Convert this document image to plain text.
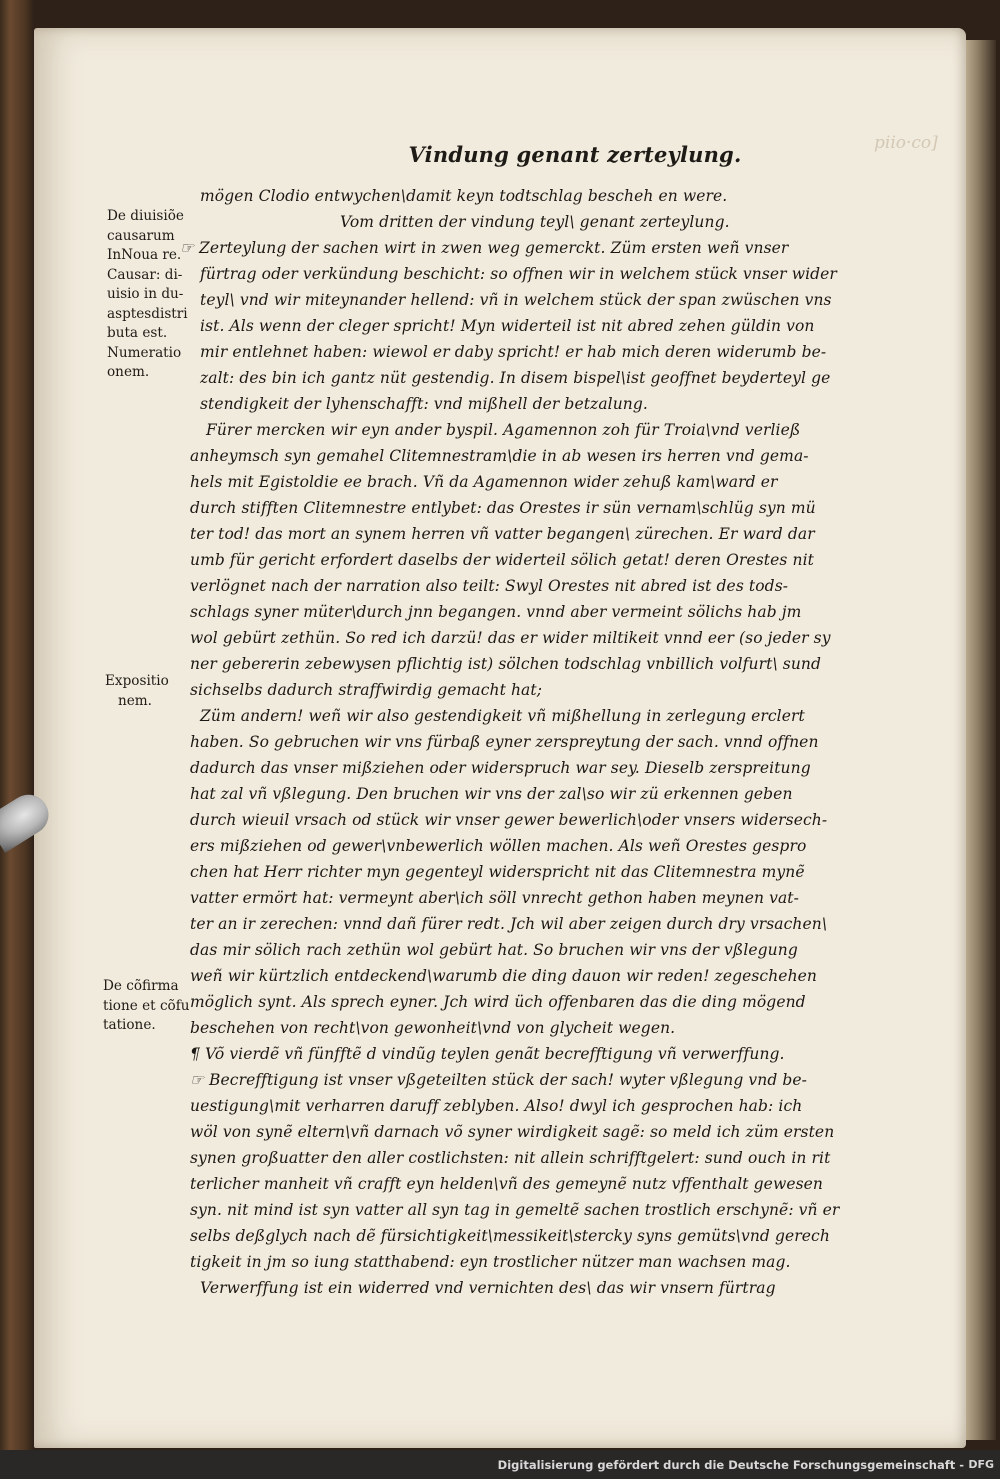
piio·co]
Vindung genant zerteylung.
De diuisiõe
causarum
InNoua re.
Causar: di-
uisio in du-
asptesdistri
buta est.
Numeratio
onem.
Expositio
nem.
De cõfirma
tione et cõfu
tatione.
mögen Clodio entwychen\damit keyn todtschlag bescheh en were.
Vom dritten der vindung teyl\ genant zerteylung.
☞ Zerteylung der sachen wirt in zwen weg gemerckt. Züm ersten weñ vnser
fürtrag oder verkündung beschicht: so offnen wir in welchem stück vnser wider
teyl\ vnd wir miteynander hellend: vñ in welchem stück der span zwüschen vns
ist. Als wenn der cleger spricht! Myn widerteil ist nit abred zehen güldin von
mir entlehnet haben: wiewol er daby spricht! er hab mich deren widerumb be-
zalt: des bin ich gantz nüt gestendig. In disem bispel\ist geoffnet beyderteyl ge
stendigkeit der lyhenschafft: vnd mißhell der betzalung.
Fürer mercken wir eyn ander byspil. Agamennon zoh für Troia\vnd verließ
anheymsch syn gemahel Clitemnestram\die in ab wesen irs herren vnd gema-
hels mit Egistoldie ee brach. Vñ da Agamennon wider zehuß kam\ward er
durch stifften Clitemnestre entlybet: das Orestes ir sün vernam\schlüg syn mü
ter tod! das mort an synem herren vñ vatter begangen\ zürechen. Er ward dar
umb für gericht erfordert daselbs der widerteil sölich getat! deren Orestes nit
verlögnet nach der narration also teilt: Swyl Orestes nit abred ist des tods-
schlags syner müter\durch jnn begangen. vnnd aber vermeint sölichs hab jm
wol gebürt zethün. So red ich darzü! das er wider miltikeit vnnd eer (so jeder sy
ner gebererin zebewysen pflichtig ist) sölchen todschlag vnbillich volfurt\ sund
sichselbs dadurch straffwirdig gemacht hat;
Züm andern! weñ wir also gestendigkeit vñ mißhellung in zerlegung erclert
haben. So gebruchen wir vns fürbaß eyner zerspreytung der sach. vnnd offnen
dadurch das vnser mißziehen oder widerspruch war sey. Dieselb zerspreitung
hat zal vñ vßlegung. Den bruchen wir vns der zal\so wir zü erkennen geben
durch wieuil vrsach od stück wir vnser gewer bewerlich\oder vnsers widersech-
ers mißziehen od gewer\vnbewerlich wöllen machen. Als weñ Orestes gespro
chen hat Herr richter myn gegenteyl widerspricht nit das Clitemnestra mynẽ
vatter ermört hat: vermeynt aber\ich söll vnrecht gethon haben meynen vat-
ter an ir zerechen: vnnd dañ fürer redt. Jch wil aber zeigen durch dry vrsachen\
das mir sölich rach zethün wol gebürt hat. So bruchen wir vns der vßlegung
weñ wir kürtzlich entdeckend\warumb die ding dauon wir reden! zegeschehen
möglich synt. Als sprech eyner. Jch wird üch offenbaren das die ding mögend
beschehen von recht\von gewonheit\vnd von glycheit wegen.
¶ Võ vierdẽ vñ fünfftẽ d vindũg teylen genãt becrefftigung vñ verwerffung.
☞ Becrefftigung ist vnser vßgeteilten stück der sach! wyter vßlegung vnd be-
uestigung\mit verharren daruff zeblyben. Also! dwyl ich gesprochen hab: ich
wöl von synẽ eltern\vñ darnach võ syner wirdigkeit sagẽ: so meld ich züm ersten
synen großuatter den aller costlichsten: nit allein schrifftgelert: sund ouch in rit
terlicher manheit vñ crafft eyn helden\vñ des gemeynẽ nutz vffenthalt gewesen
syn. nit mind ist syn vatter all syn tag in gemeltẽ sachen trostlich erschynẽ: vñ er
selbs deßglych nach dẽ fürsichtigkeit\messikeit\stercky syns gemüts\vnd gerech
tigkeit in jm so iung statthabend: eyn trostlicher nützer man wachsen mag.
Verwerffung ist ein widerred vnd vernichten des\ das wir vnsern fürtrag
Digitalisierung gefördert durch die Deutsche Forschungsgemeinschaft - DFG
